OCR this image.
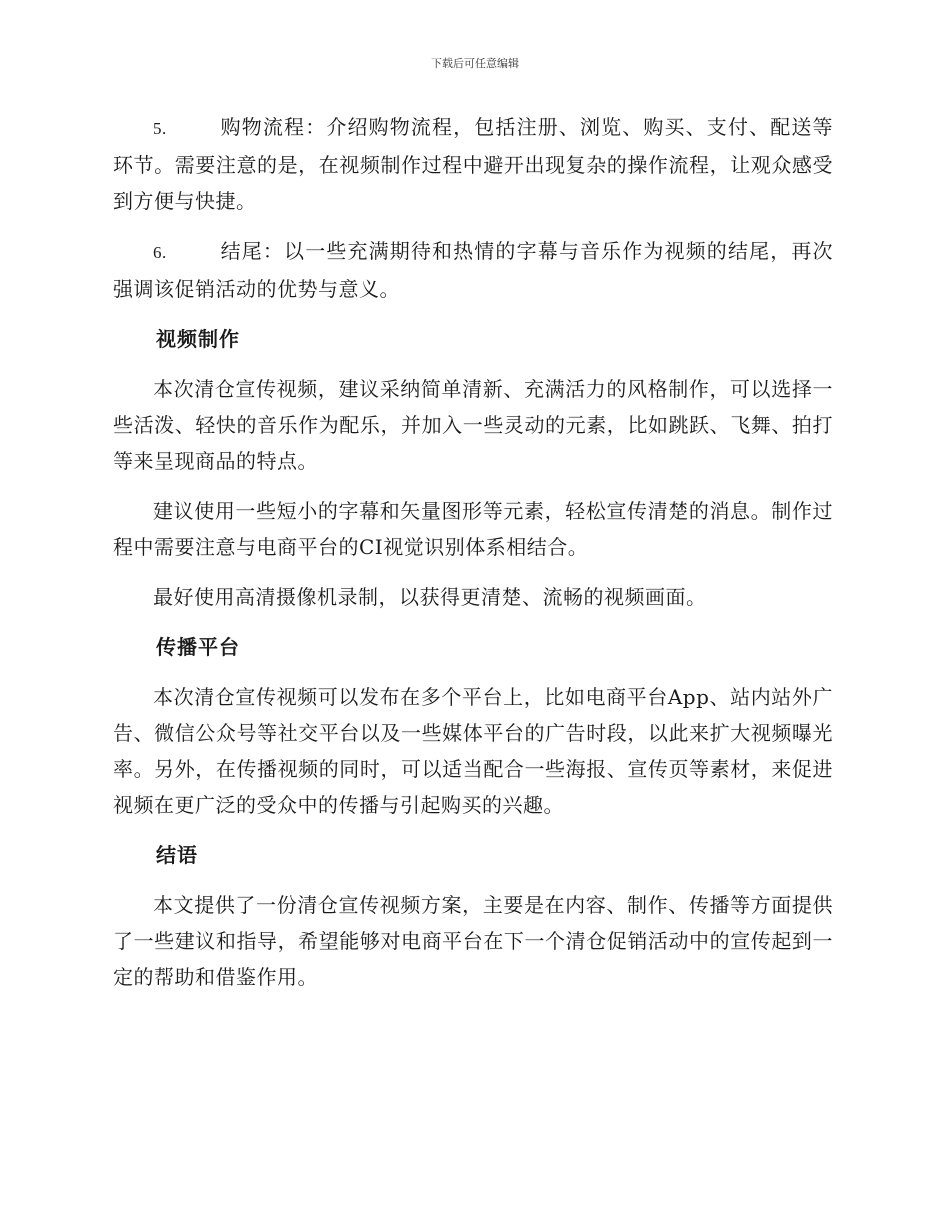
下载后可任意编辑

5.	购物流程：介绍购物流程，包括注册、浏览、购买、支付、配送等环节。需要注意的是，在视频制作过程中避开出现复杂的操作流程，让观众感受到方便与快捷。

6.	结尾：以一些充满期待和热情的字幕与音乐作为视频的结尾，再次强调该促销活动的优势与意义。

视频制作

本次清仓宣传视频，建议采纳简单清新、充满活力的风格制作，可以选择一些活泼、轻快的音乐作为配乐，并加入一些灵动的元素，比如跳跃、飞舞、拍打等来呈现商品的特点。

建议使用一些短小的字幕和矢量图形等元素，轻松宣传清楚的消息。制作过程中需要注意与电商平台的CI视觉识别体系相结合。

最好使用高清摄像机录制，以获得更清楚、流畅的视频画面。

传播平台

本次清仓宣传视频可以发布在多个平台上，比如电商平台App、站内站外广告、微信公众号等社交平台以及一些媒体平台的广告时段，以此来扩大视频曝光率。另外，在传播视频的同时，可以适当配合一些海报、宣传页等素材，来促进视频在更广泛的受众中的传播与引起购买的兴趣。

结语

本文提供了一份清仓宣传视频方案，主要是在内容、制作、传播等方面提供了一些建议和指导，希望能够对电商平台在下一个清仓促销活动中的宣传起到一定的帮助和借鉴作用。
